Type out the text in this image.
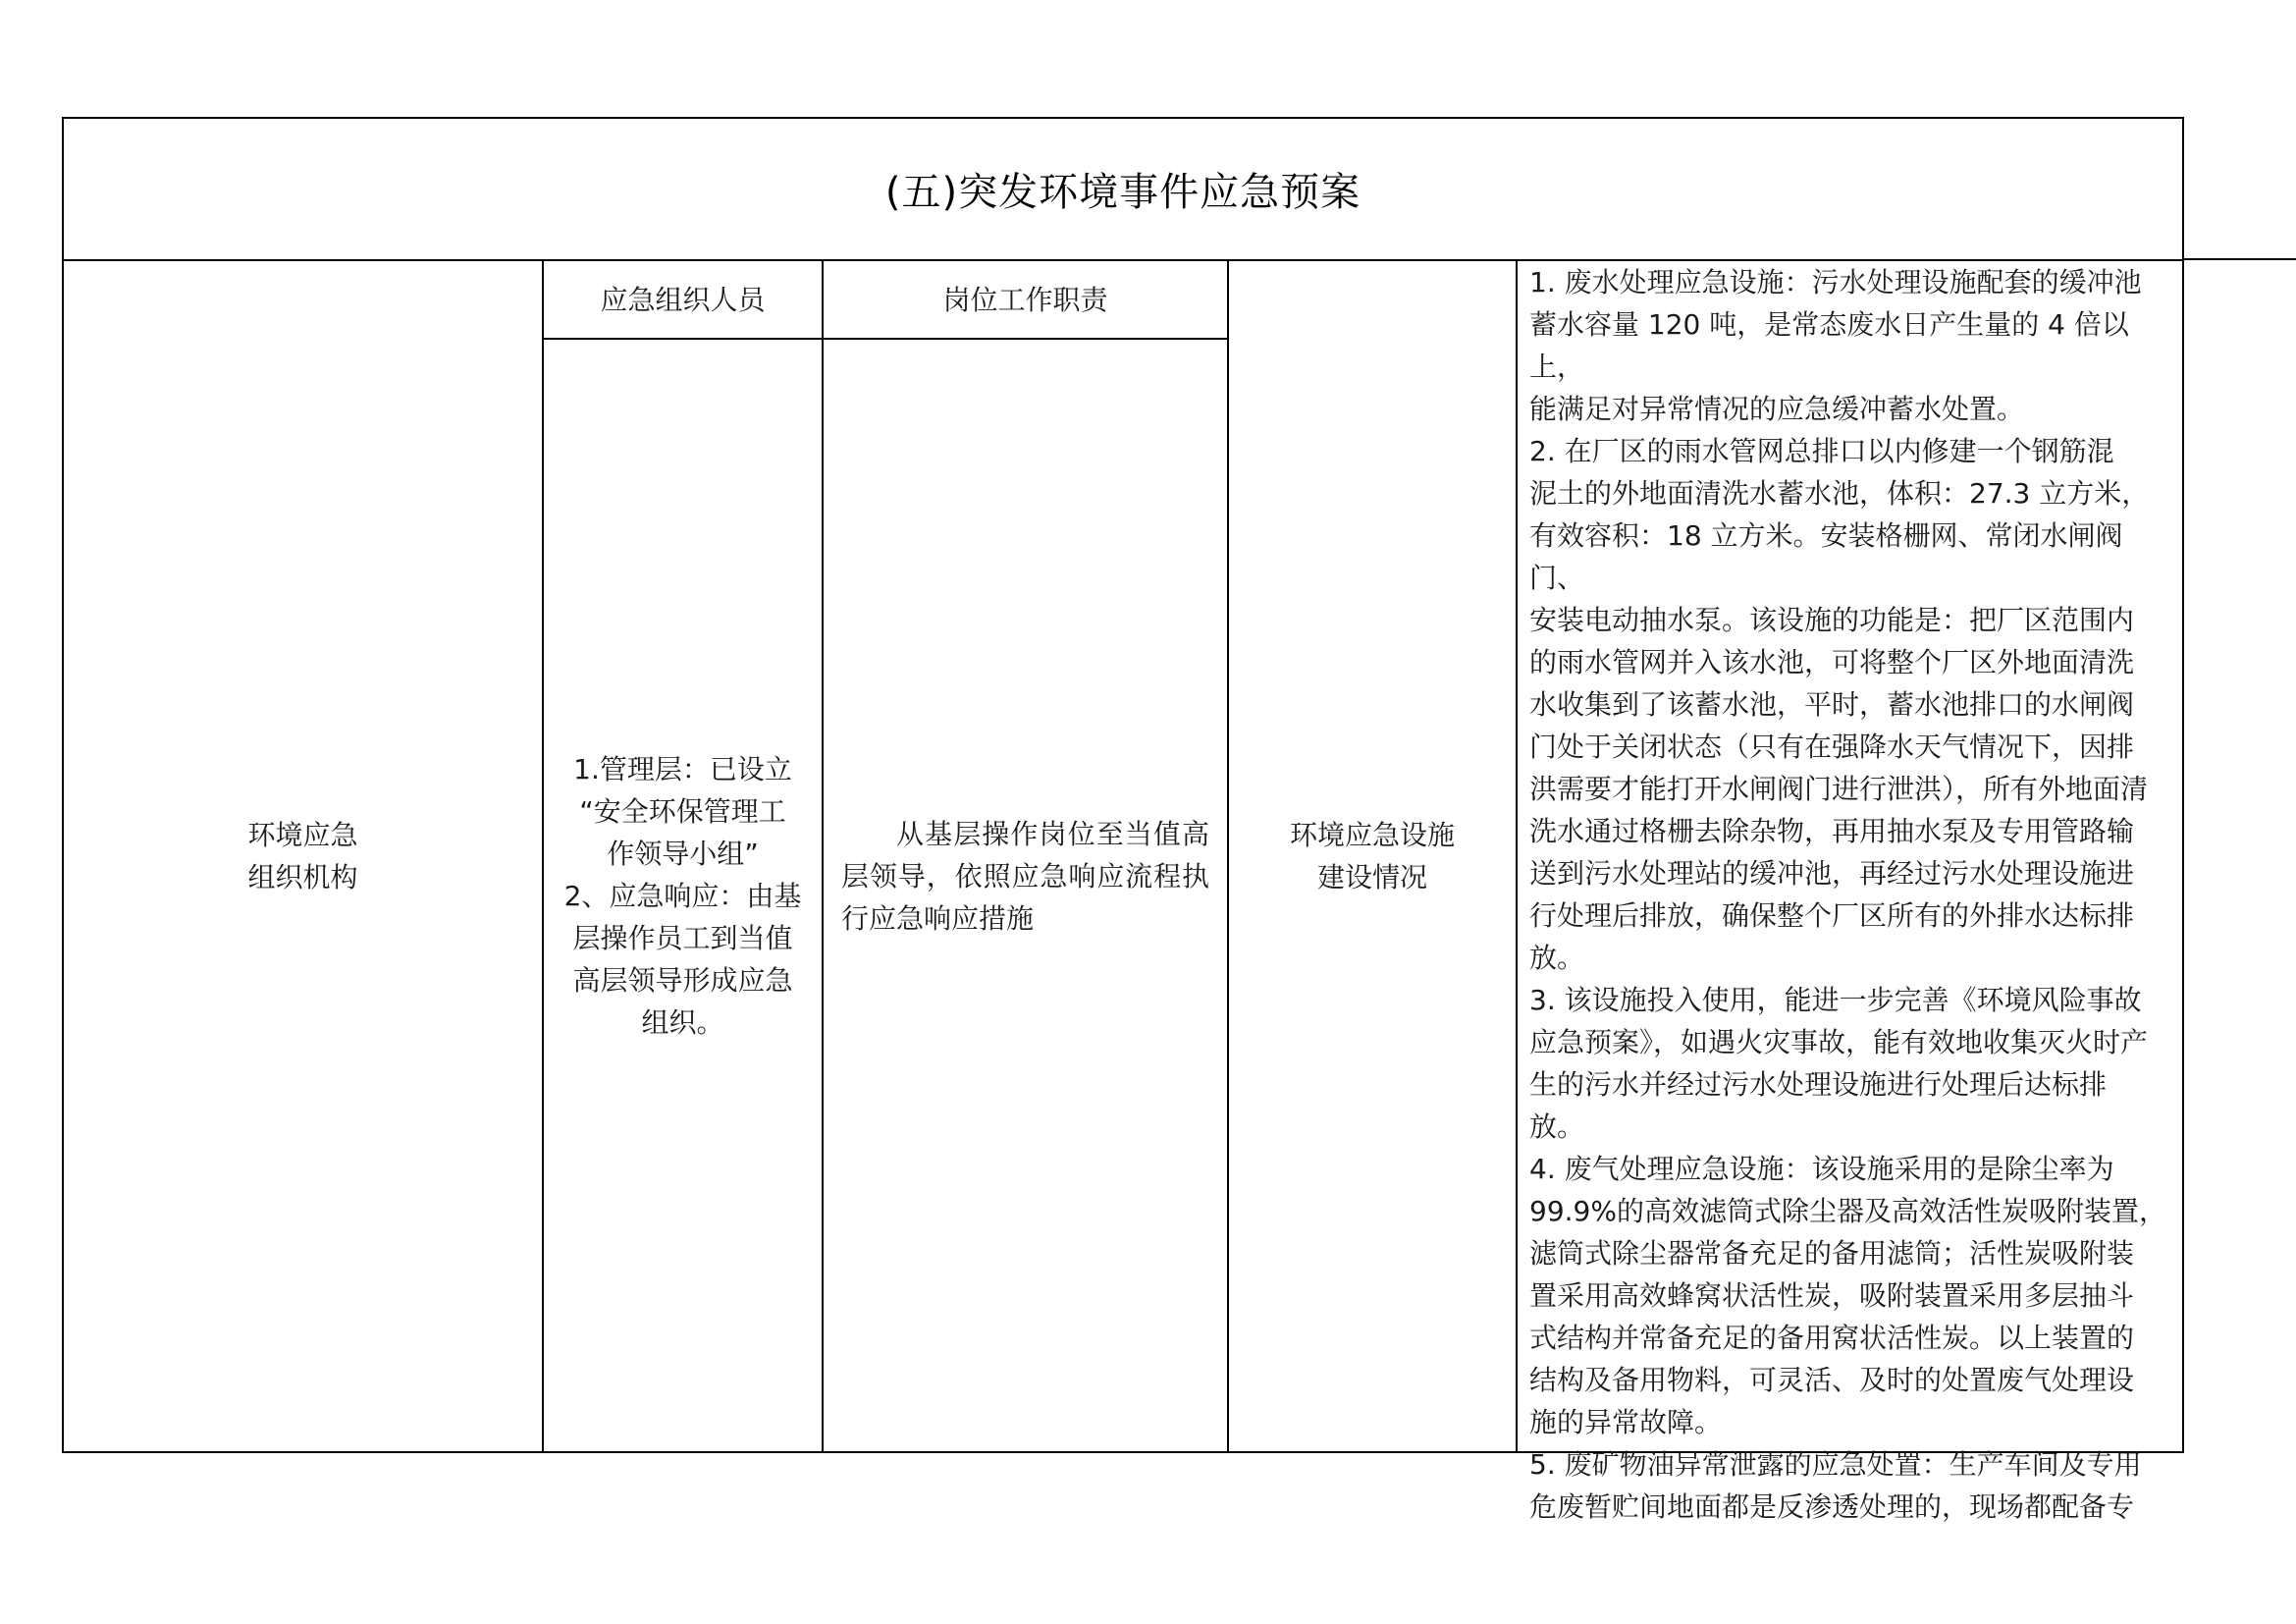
(五)突发环境事件应急预案
环境应急
组织机构
应急组织人员	岗位工作职责
1.管理层：已设立
“安全环保管理工
作领导小组”
2、应急响应：由基
层操作员工到当值
高层领导形成应急
组织。

从基层操作岗位至当值高层领导，依照应急响应流程执行应急响应措施

环境应急设施
建设情况
1. 废水处理应急设施：污水处理设施配套的缓冲池
蓄水容量 120 吨，是常态废水日产生量的 4 倍以上，
能满足对异常情况的应急缓冲蓄水处置。
2. 在厂区的雨水管网总排口以内修建一个钢筋混
泥土的外地面清洗水蓄水池，体积：27.3 立方米，
有效容积：18 立方米。安装格栅网、常闭水闸阀门、
安装电动抽水泵。该设施的功能是：把厂区范围内
的雨水管网并入该水池，可将整个厂区外地面清洗
水收集到了该蓄水池，平时，蓄水池排口的水闸阀
门处于关闭状态（只有在强降水天气情况下，因排
洪需要才能打开水闸阀门进行泄洪），所有外地面清
洗水通过格栅去除杂物，再用抽水泵及专用管路输
送到污水处理站的缓冲池，再经过污水处理设施进
行处理后排放，确保整个厂区所有的外排水达标排
放。
3. 该设施投入使用，能进一步完善《环境风险事故
应急预案》，如遇火灾事故，能有效地收集灭火时产
生的污水并经过污水处理设施进行处理后达标排
放。
4. 废气处理应急设施：该设施采用的是除尘率为
99.9%的高效滤筒式除尘器及高效活性炭吸附装置，
滤筒式除尘器常备充足的备用滤筒；活性炭吸附装
置采用高效蜂窝状活性炭，吸附装置采用多层抽斗
式结构并常备充足的备用窝状活性炭。以上装置的
结构及备用物料，可灵活、及时的处置废气处理设
施的异常故障。
5. 废矿物油异常泄露的应急处置：生产车间及专用
危废暂贮间地面都是反渗透处理的，现场都配备专
